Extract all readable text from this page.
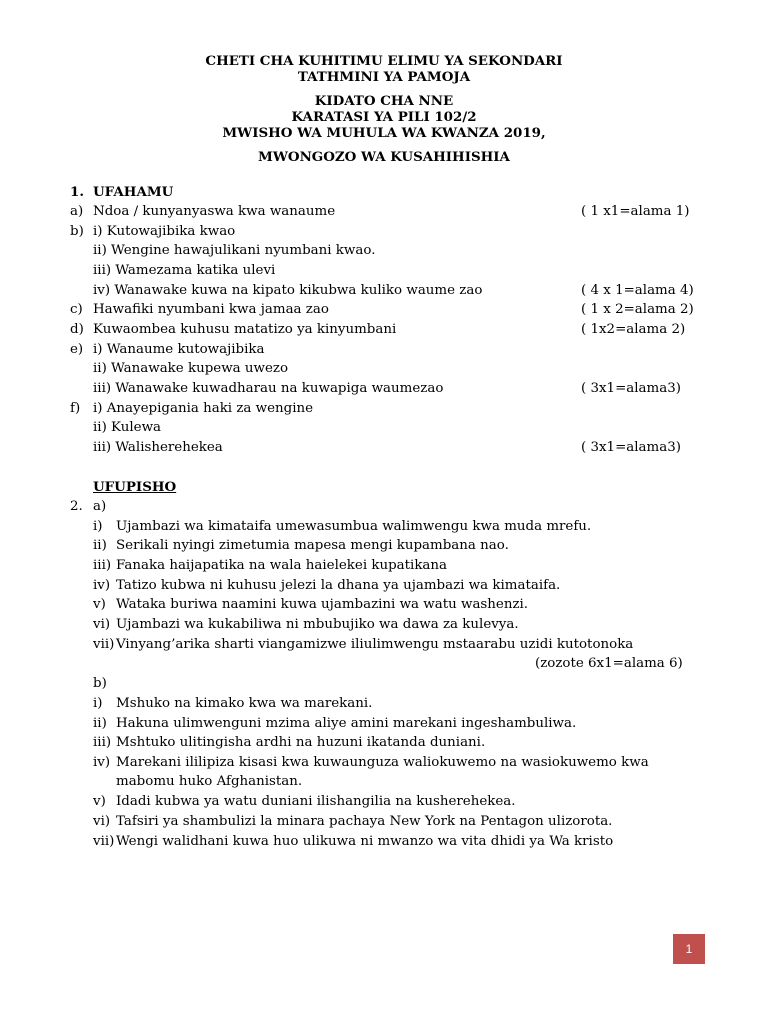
CHETI CHA KUHITIMU ELIMU YA SEKONDARI
TATHMINI YA PAMOJA
KIDATO CHA NNE
KARATASI YA PILI 102/2
MWISHO WA MUHULA WA KWANZA 2019,
MWONGOZO WA KUSAHIHISHIA
1. UFAHAMU
a) Ndoa / kunyanyaswa kwa wanaume	( 1 x1=alama 1)
b) i) Kutowajibika kwao
ii) Wengine hawajulikani nyumbani kwao.
iii) Wamezama katika ulevi
iv) Wanawake kuwa na kipato kikubwa kuliko waume zao	( 4 x 1=alama 4)
c) Hawafiki nyumbani kwa jamaa zao	( 1 x 2=alama 2)
d) Kuwaombea kuhusu matatizo ya kinyumbani	( 1x2=alama 2)
e) i) Wanaume kutowajibika
ii) Wanawake kupewa uwezo
iii) Wanawake kuwadharau na kuwapiga waumezao	( 3x1=alama3)
f) i) Anayepigania haki za wengine
ii) Kulewa
iii) Walisherehekea	( 3x1=alama3)
UFUPISHO
2. a)
i) Ujambazi wa kimataifa umewasumbua walimwengu kwa muda mrefu.
ii) Serikali nyingi zimetumia mapesa mengi kupambana nao.
iii) Fanaka haijapatika na wala haielekei kupatikana
iv) Tatizo kubwa ni kuhusu jelezi la dhana ya ujambazi wa kimataifa.
v) Wataka buriwa naamini kuwa ujambazini wa watu washenzi.
vi) Ujambazi wa kukabiliwa ni mbubujiko wa dawa za kulevya.
vii) Vinyang’arika sharti viangamizwe iliulimwengu mstaarabu uzidi kutotonoka
(zozote 6x1=alama 6)
b)
i) Mshuko na kimako kwa wa marekani.
ii) Hakuna ulimwenguni mzima aliye amini marekani ingeshambuliwa.
iii) Mshtuko ulitingisha ardhi na huzuni ikatanda duniani.
iv) Marekani ililipiza kisasi kwa kuwaunguza waliokuwemo na wasiokuwemo kwa
mabomu huko Afghanistan.
v) Idadi kubwa ya watu duniani ilishangilia na kusherehekea.
vi) Tafsiri ya shambulizi la minara pachaya New York na Pentagon ulizorota.
vii) Wengi walidhani kuwa huo ulikuwa ni mwanzo wa vita dhidi ya Wa kristo
1
